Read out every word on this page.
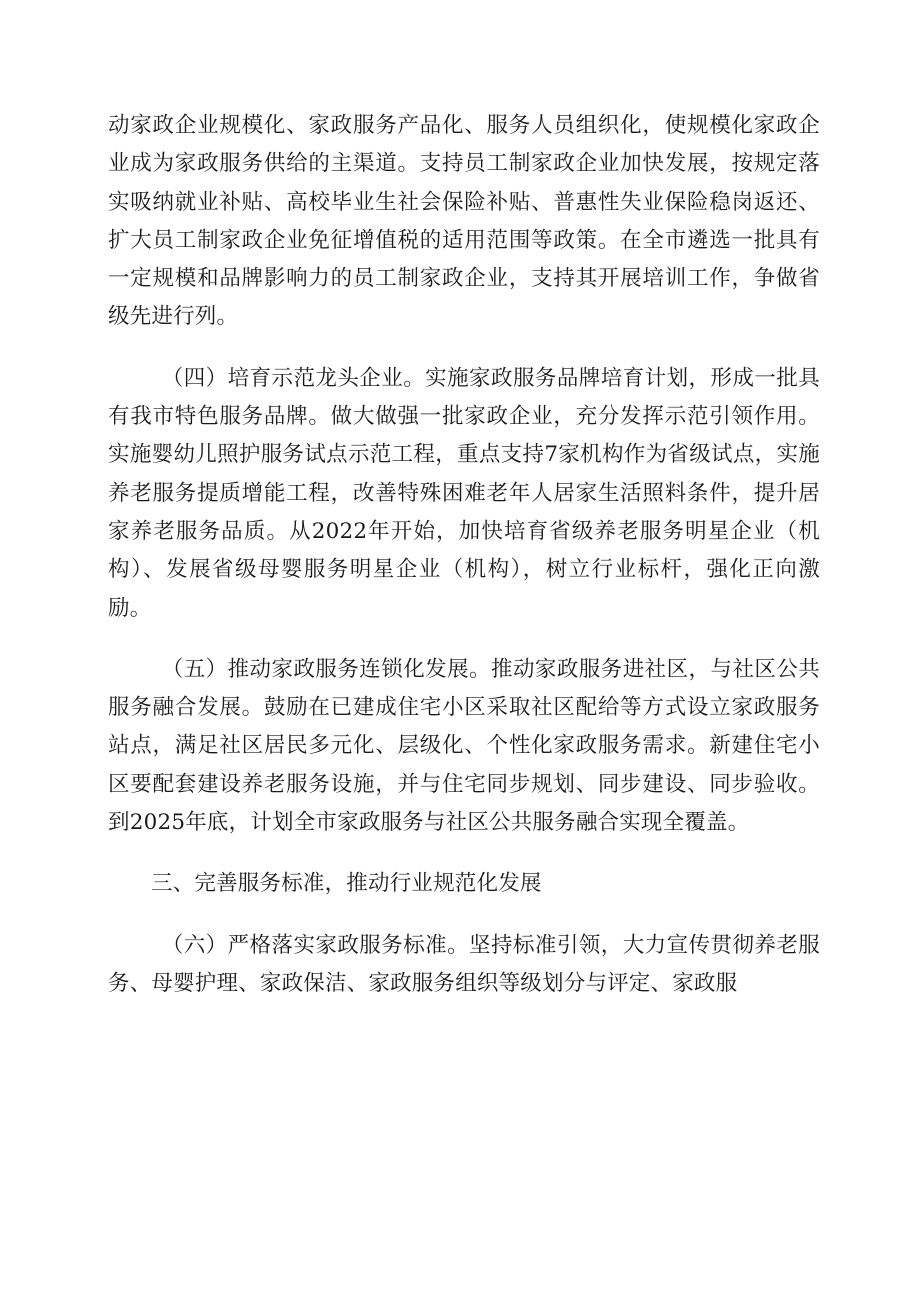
动家政企业规模化、家政服务产品化、服务人员组织化，使规模化家政企业成为家政服务供给的主渠道。支持员工制家政企业加快发展，按规定落实吸纳就业补贴、高校毕业生社会保险补贴、普惠性失业保险稳岗返还、扩大员工制家政企业免征增值税的适用范围等政策。在全市遴选一批具有一定规模和品牌影响力的员工制家政企业，支持其开展培训工作，争做省级先进行列。

（四）培育示范龙头企业。实施家政服务品牌培育计划，形成一批具有我市特色服务品牌。做大做强一批家政企业，充分发挥示范引领作用。实施婴幼儿照护服务试点示范工程，重点支持7家机构作为省级试点，实施养老服务提质增能工程，改善特殊困难老年人居家生活照料条件，提升居家养老服务品质。从2022年开始，加快培育省级养老服务明星企业（机构）、发展省级母婴服务明星企业（机构），树立行业标杆，强化正向激励。

（五）推动家政服务连锁化发展。推动家政服务进社区，与社区公共服务融合发展。鼓励在已建成住宅小区采取社区配给等方式设立家政服务站点，满足社区居民多元化、层级化、个性化家政服务需求。新建住宅小区要配套建设养老服务设施，并与住宅同步规划、同步建设、同步验收。到2025年底，计划全市家政服务与社区公共服务融合实现全覆盖。

三、完善服务标准，推动行业规范化发展

（六）严格落实家政服务标准。坚持标准引领，大力宣传贯彻养老服务、母婴护理、家政保洁、家政服务组织等级划分与评定、家政服
